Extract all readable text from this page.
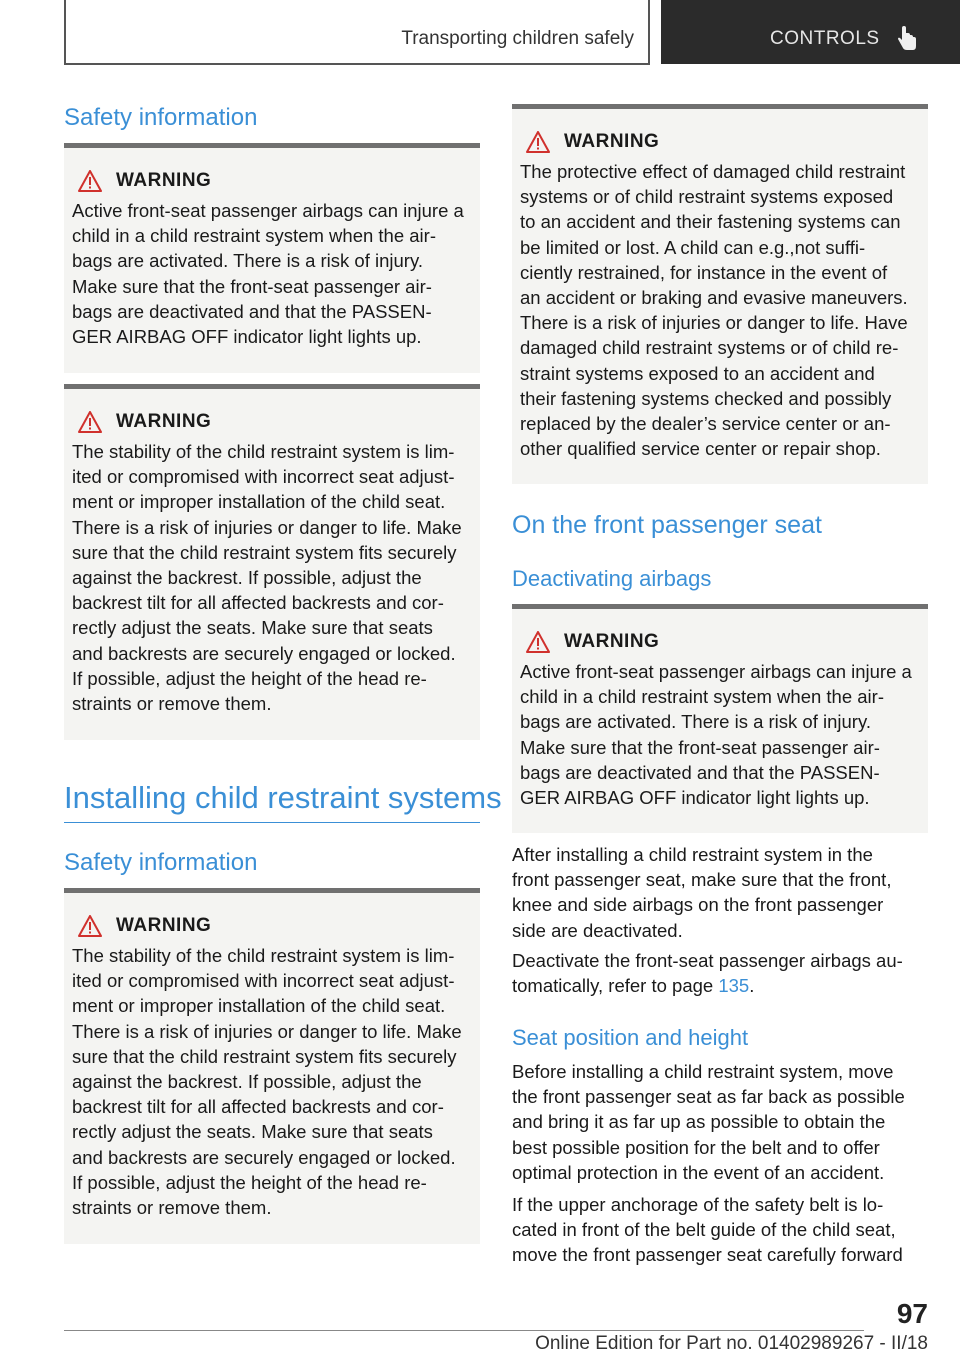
Transporting children safely	CONTROLS
Safety information
WARNING
Active front-seat passenger airbags can injure a
child in a child restraint system when the air‐
bags are activated. There is a risk of injury.
Make sure that the front-seat passenger air‐
bags are deactivated and that the PASSEN‐
GER AIRBAG OFF indicator light lights up.
WARNING
The stability of the child restraint system is lim‐
ited or compromised with incorrect seat adjust‐
ment or improper installation of the child seat.
There is a risk of injuries or danger to life. Make
sure that the child restraint system fits securely
against the backrest. If possible, adjust the
backrest tilt for all affected backrests and cor‐
rectly adjust the seats. Make sure that seats
and backrests are securely engaged or locked.
If possible, adjust the height of the head re‐
straints or remove them.
Installing child restraint systems
Safety information
WARNING
The stability of the child restraint system is lim‐
ited or compromised with incorrect seat adjust‐
ment or improper installation of the child seat.
There is a risk of injuries or danger to life. Make
sure that the child restraint system fits securely
against the backrest. If possible, adjust the
backrest tilt for all affected backrests and cor‐
rectly adjust the seats. Make sure that seats
and backrests are securely engaged or locked.
If possible, adjust the height of the head re‐
straints or remove them.
WARNING
The protective effect of damaged child restraint
systems or of child restraint systems exposed
to an accident and their fastening systems can
be limited or lost. A child can e.g.,not suffi‐
ciently restrained, for instance in the event of
an accident or braking and evasive maneuvers.
There is a risk of injuries or danger to life. Have
damaged child restraint systems or of child re‐
straint systems exposed to an accident and
their fastening systems checked and possibly
replaced by the dealer’s service center or an‐
other qualified service center or repair shop.
On the front passenger seat
Deactivating airbags
WARNING
Active front-seat passenger airbags can injure a
child in a child restraint system when the air‐
bags are activated. There is a risk of injury.
Make sure that the front-seat passenger air‐
bags are deactivated and that the PASSEN‐
GER AIRBAG OFF indicator light lights up.
After installing a child restraint system in the
front passenger seat, make sure that the front,
knee and side airbags on the front passenger
side are deactivated.
Deactivate the front-seat passenger airbags au‐
tomatically, refer to page 135.
Seat position and height
Before installing a child restraint system, move
the front passenger seat as far back as possible
and bring it as far up as possible to obtain the
best possible position for the belt and to offer
optimal protection in the event of an accident.
If the upper anchorage of the safety belt is lo‐
cated in front of the belt guide of the child seat,
move the front passenger seat carefully forward
97
Online Edition for Part no. 01402989267 - II/18
